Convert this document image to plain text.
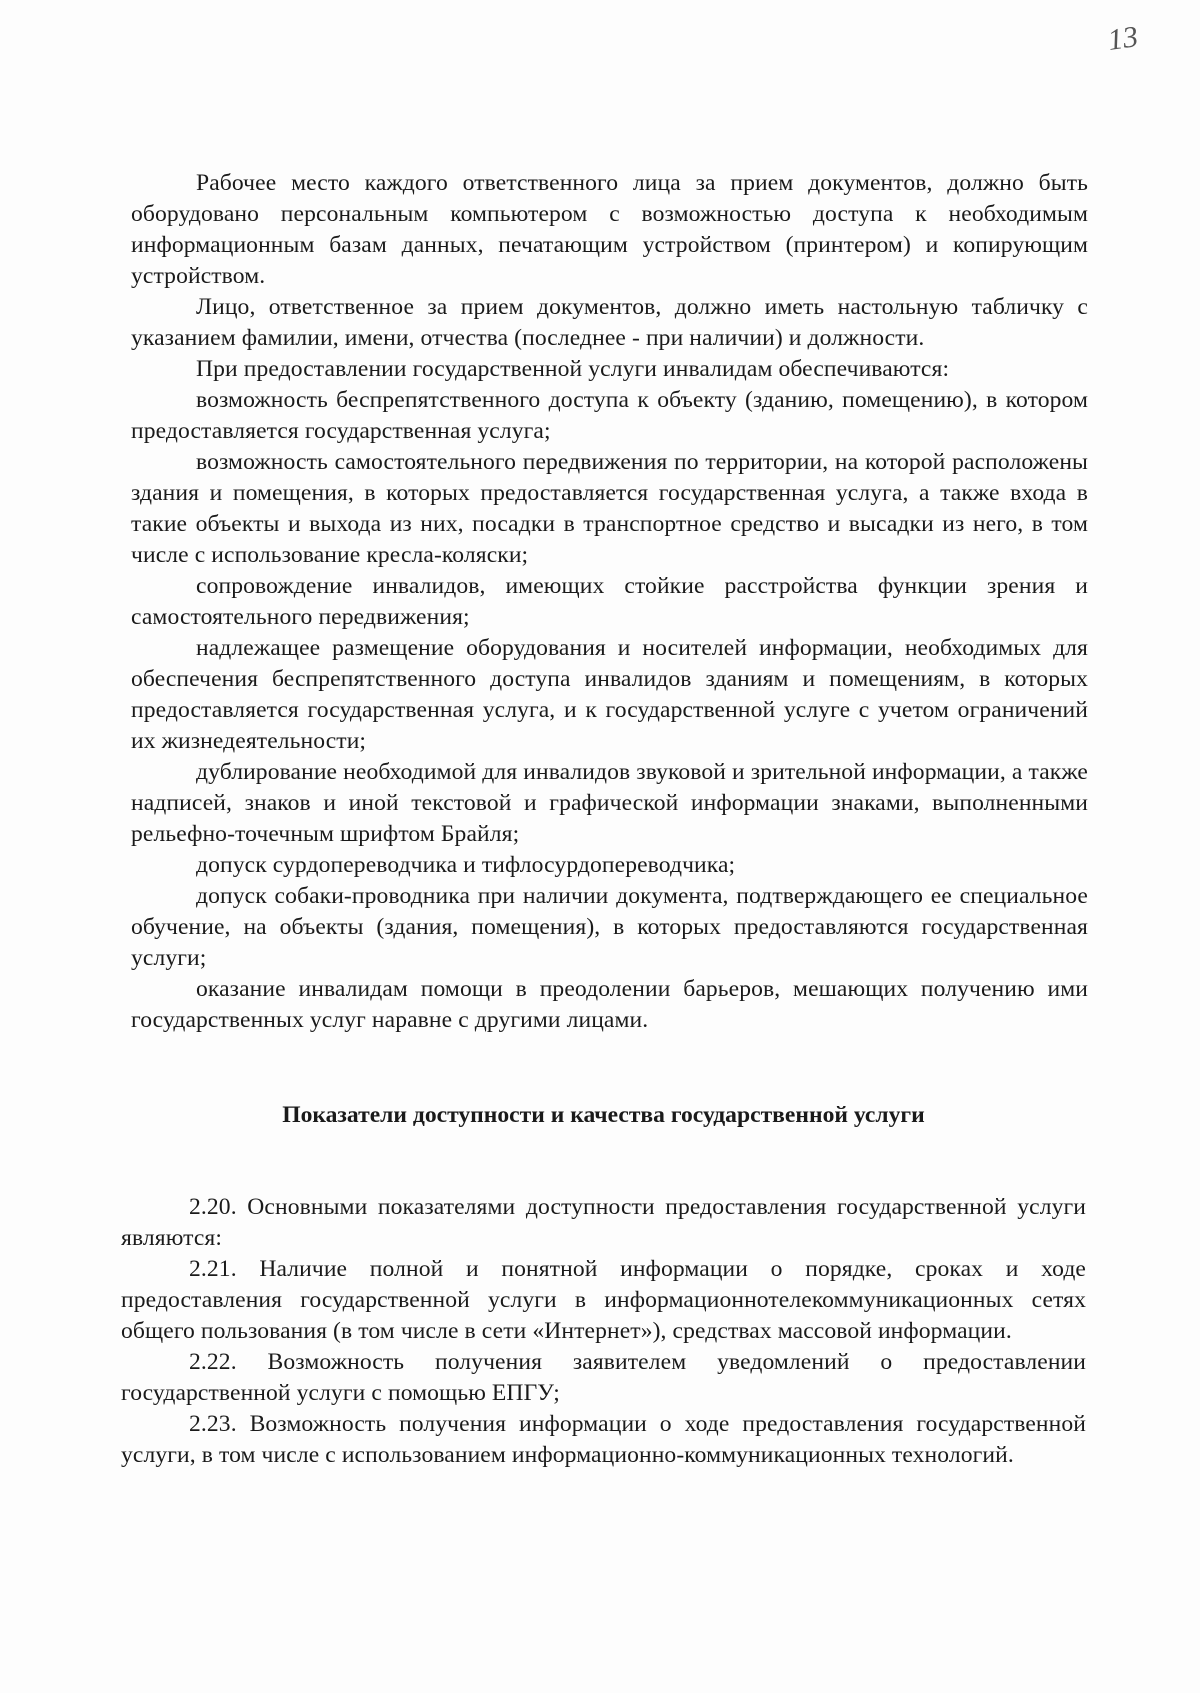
13

Рабочее место каждого ответственного лица за прием документов, должно быть оборудовано персональным компьютером с возможностью доступа к необходимым информационным базам данных, печатающим устройством (принтером) и копирующим устройством.

Лицо, ответственное за прием документов, должно иметь настольную табличку с указанием фамилии, имени, отчества (последнее - при наличии) и должности.

При предоставлении государственной услуги инвалидам обеспечиваются:

возможность беспрепятственного доступа к объекту (зданию, помещению), в котором предоставляется государственная услуга;

возможность самостоятельного передвижения по территории, на которой расположены здания и помещения, в которых предоставляется государственная услуга, а также входа в такие объекты и выхода из них, посадки в транспортное средство и высадки из него, в том числе с использование кресла-коляски;

сопровождение инвалидов, имеющих стойкие расстройства функции зрения и самостоятельного передвижения;

надлежащее размещение оборудования и носителей информации, необходимых для обеспечения беспрепятственного доступа инвалидов зданиям и помещениям, в которых предоставляется государственная услуга, и к государственной услуге с учетом ограничений их жизнедеятельности;

дублирование необходимой для инвалидов звуковой и зрительной информации, а также надписей, знаков и иной текстовой и графической информации знаками, выполненными рельефно-точечным шрифтом Брайля;

допуск сурдопереводчика и тифлосурдопереводчика;

допуск собаки-проводника при наличии документа, подтверждающего ее специальное обучение, на объекты (здания, помещения), в которых предоставляются государственная услуги;

оказание инвалидам помощи в преодолении барьеров, мешающих получению ими государственных услуг наравне с другими лицами.

Показатели доступности и качества государственной услуги

2.20. Основными показателями доступности предоставления государственной услуги являются:

2.21. Наличие полной и понятной информации о порядке, сроках и ходе предоставления государственной услуги в информационнотелекоммуникационных сетях общего пользования (в том числе в сети «Интернет»), средствах массовой информации.

2.22. Возможность получения заявителем уведомлений о предоставлении государственной услуги с помощью ЕПГУ;

2.23. Возможность получения информации о ходе предоставления государственной услуги, в том числе с использованием информационно-коммуникационных технологий.
